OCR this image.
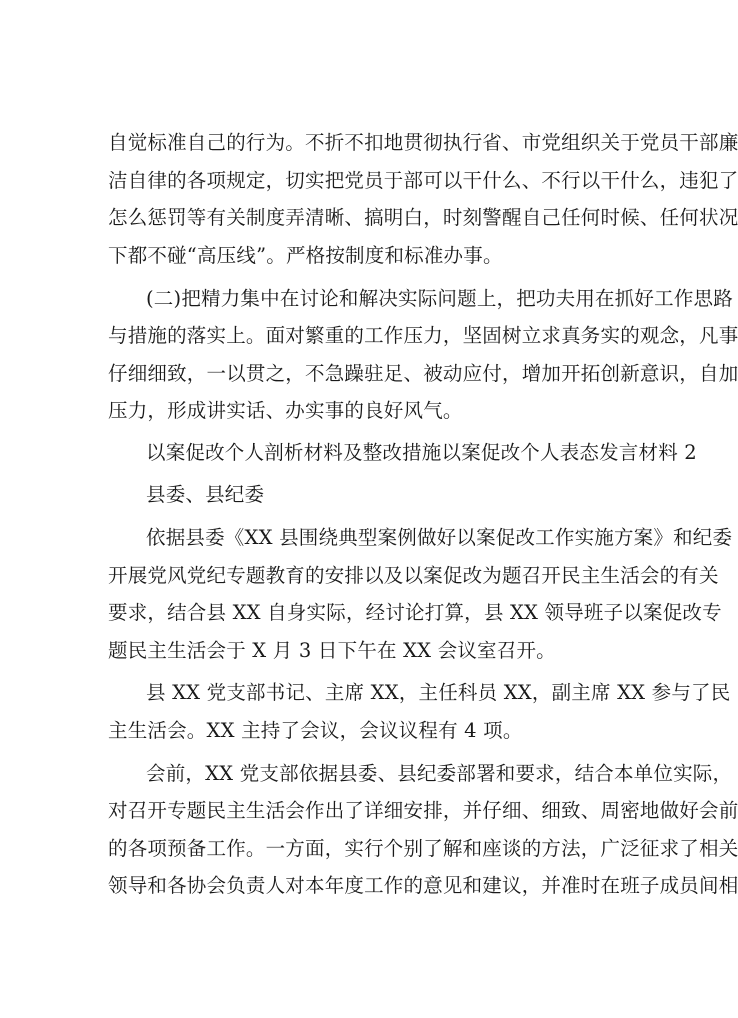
自觉标准自己的行为。不折不扣地贯彻执行省、市党组织关于党员干部廉
洁自律的各项规定，切实把党员于部可以干什么、不行以干什么，违犯了
怎么惩罚等有关制度弄清晰、搞明白，时刻警醒自己任何时候、任何状况
下都不碰“高压线”。严格按制度和标准办事。
(二)把精力集中在讨论和解决实际问题上，把功夫用在抓好工作思路
与措施的落实上。面对繁重的工作压力，坚固树立求真务实的观念，凡事
仔细细致，一以贯之，不急躁驻足、被动应付，增加开拓创新意识，自加
压力，形成讲实话、办实事的良好风气。
以案促改个人剖析材料及整改措施以案促改个人表态发言材料 2
县委、县纪委
依据县委《XX 县围绕典型案例做好以案促改工作实施方案》和纪委
开展党风党纪专题教育的安排以及以案促改为题召开民主生活会的有关
要求，结合县 XX 自身实际，经讨论打算，县 XX 领导班子以案促改专
题民主生活会于 X 月 3 日下午在 XX 会议室召开。
县 XX 党支部书记、主席 XX，主任科员 XX，副主席 XX 参与了民
主生活会。XX 主持了会议，会议议程有 4 项。
会前，XX 党支部依据县委、县纪委部署和要求，结合本单位实际，
对召开专题民主生活会作出了详细安排，并仔细、细致、周密地做好会前
的各项预备工作。一方面，实行个别了解和座谈的方法，广泛征求了相关
领导和各协会负责人对本年度工作的意见和建议，并准时在班子成员间相
